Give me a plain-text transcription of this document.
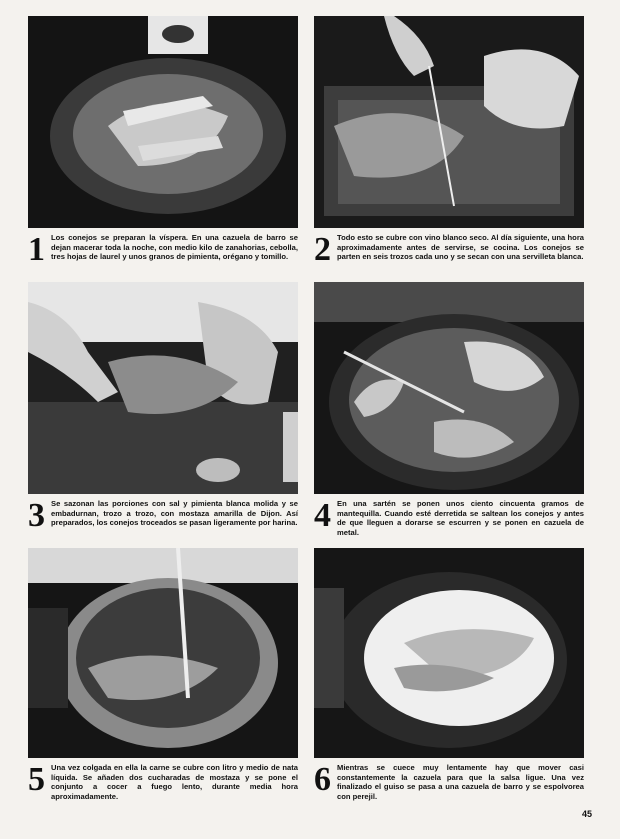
1 Los conejos se preparan la víspera. En una cazuela de barro se dejan macerar toda la noche, con medio kilo de zanahorias, cebolla, tres hojas de laurel y unos granos de pimienta, orégano y tomillo. 2 Todo esto se cubre con vino blanco seco. Al día siguiente, una hora aproximadamente antes de servirse, se cocina. Los conejos se parten en seis trozos cada uno y se secan con una servilleta blanca.
3 Se sazonan las porciones con sal y pimienta blanca molida y se embadurnan, trozo a trozo, con mostaza amarilla de Dijon. Así preparados, los conejos troceados se pasan ligeramente por harina. 4 En una sartén se ponen unos ciento cincuenta gramos de mantequilla. Cuando esté derretida se saltean los conejos y antes de que lleguen a dorarse se escurren y se ponen en cazuela de metal.
5 Una vez colgada en ella la carne se cubre con litro y medio de nata líquida. Se añaden dos cucharadas de mostaza y se pone el conjunto a cocer a fuego lento, durante media hora aproximadamente.	6 Mientras se cuece muy lentamente hay que mover casi constantemente la cazuela para que la salsa ligue. Una vez finalizado el guiso se pasa a una cazuela de barro y se espolvorea con perejil.
45
